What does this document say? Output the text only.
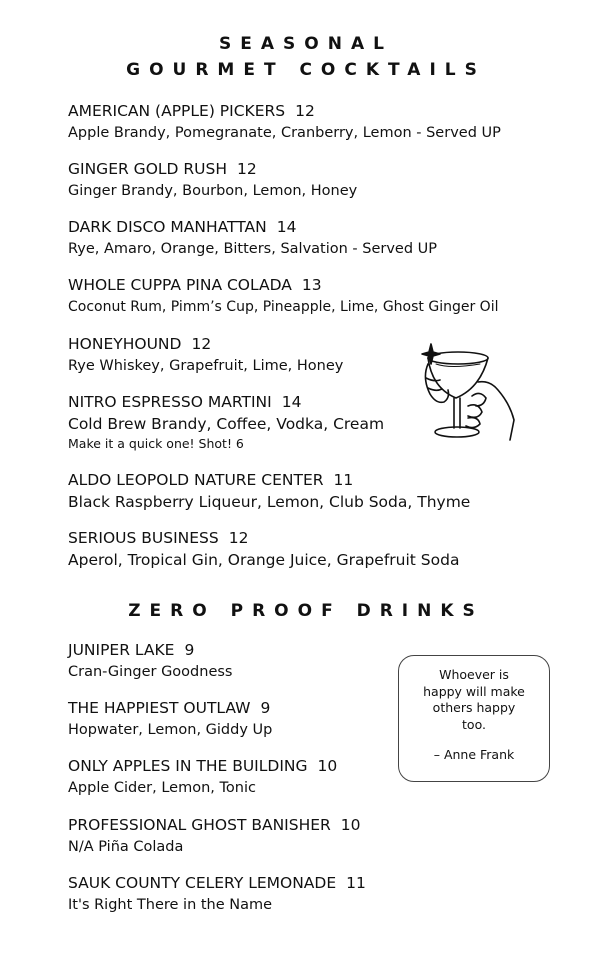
SEASONAL
GOURMET COCKTAILS
AMERICAN (APPLE) PICKERS 12
Apple Brandy, Pomegranate, Cranberry, Lemon - Served UP
GINGER GOLD RUSH 12
Ginger Brandy, Bourbon, Lemon, Honey
DARK DISCO MANHATTAN 14
Rye, Amaro, Orange, Bitters, Salvation - Served UP
WHOLE CUPPA PINA COLADA 13
Coconut Rum, Pimm’s Cup, Pineapple, Lime, Ghost Ginger Oil
HONEYHOUND 12
Rye Whiskey, Grapefruit, Lime, Honey
NITRO ESPRESSO MARTINI 14
Cold Brew Brandy, Coffee, Vodka, Cream
Make it a quick one! Shot! 6
ALDO LEOPOLD NATURE CENTER 11
Black Raspberry Liqueur, Lemon, Club Soda, Thyme
SERIOUS BUSINESS 12
Aperol, Tropical Gin, Orange Juice, Grapefruit Soda
ZERO PROOF DRINKS
JUNIPER LAKE 9
Cran-Ginger Goodness
THE HAPPIEST OUTLAW 9
Hopwater, Lemon, Giddy Up
ONLY APPLES IN THE BUILDING 10
Apple Cider, Lemon, Tonic
PROFESSIONAL GHOST BANISHER 10
N/A Piña Colada
SAUK COUNTY CELERY LEMONADE 11
It's Right There in the Name
Whoever is happy will make others happy too.
– Anne Frank
